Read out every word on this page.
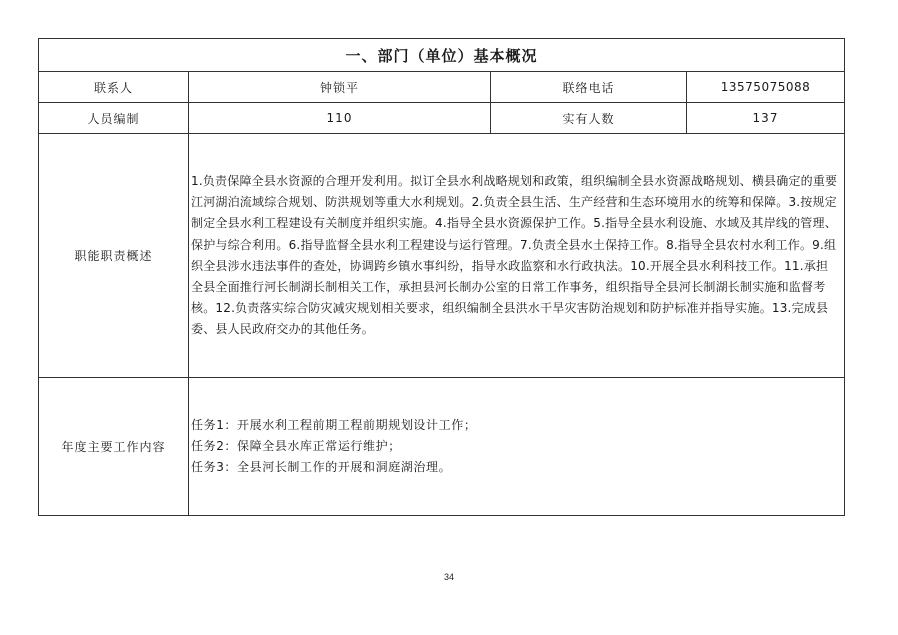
一、部门（单位）基本概况			
联系人	钟锁平	联络电话	13575075088
人员编制	110	实有人数	137
职能职责概述	1.负责保障全县水资源的合理开发利用。拟订全县水利战略规划和政策，组织编制全县水资源战略规划、横县确定的重要江河湖泊流域综合规划、防洪规划等重大水利规划。2.负责全县生活、生产经营和生态环境用水的统筹和保障。3.按规定制定全县水利工程建设有关制度并组织实施。4.指导全县水资源保护工作。5.指导全县水利设施、水域及其岸线的管理、保护与综合利用。6.指导监督全县水利工程建设与运行管理。7.负责全县水土保持工作。8.指导全县农村水利工作。9.组织全县涉水违法事件的查处，协调跨乡镇水事纠纷，指导水政监察和水行政执法。10.开展全县水利科技工作。11.承担全县全面推行河长制湖长制相关工作，承担县河长制办公室的日常工作事务，组织指导全县河长制湖长制实施和监督考核。12.负责落实综合防灾减灾规划相关要求，组织编制全县洪水干旱灾害防治规划和防护标准并指导实施。13.完成县委、县人民政府交办的其他任务。		
年度主要工作内容	任务1：开展水利工程前期工程前期规划设计工作；
任务2：保障全县水库正常运行维护；
任务3：全县河长制工作的开展和洞庭湖治理。		
34
